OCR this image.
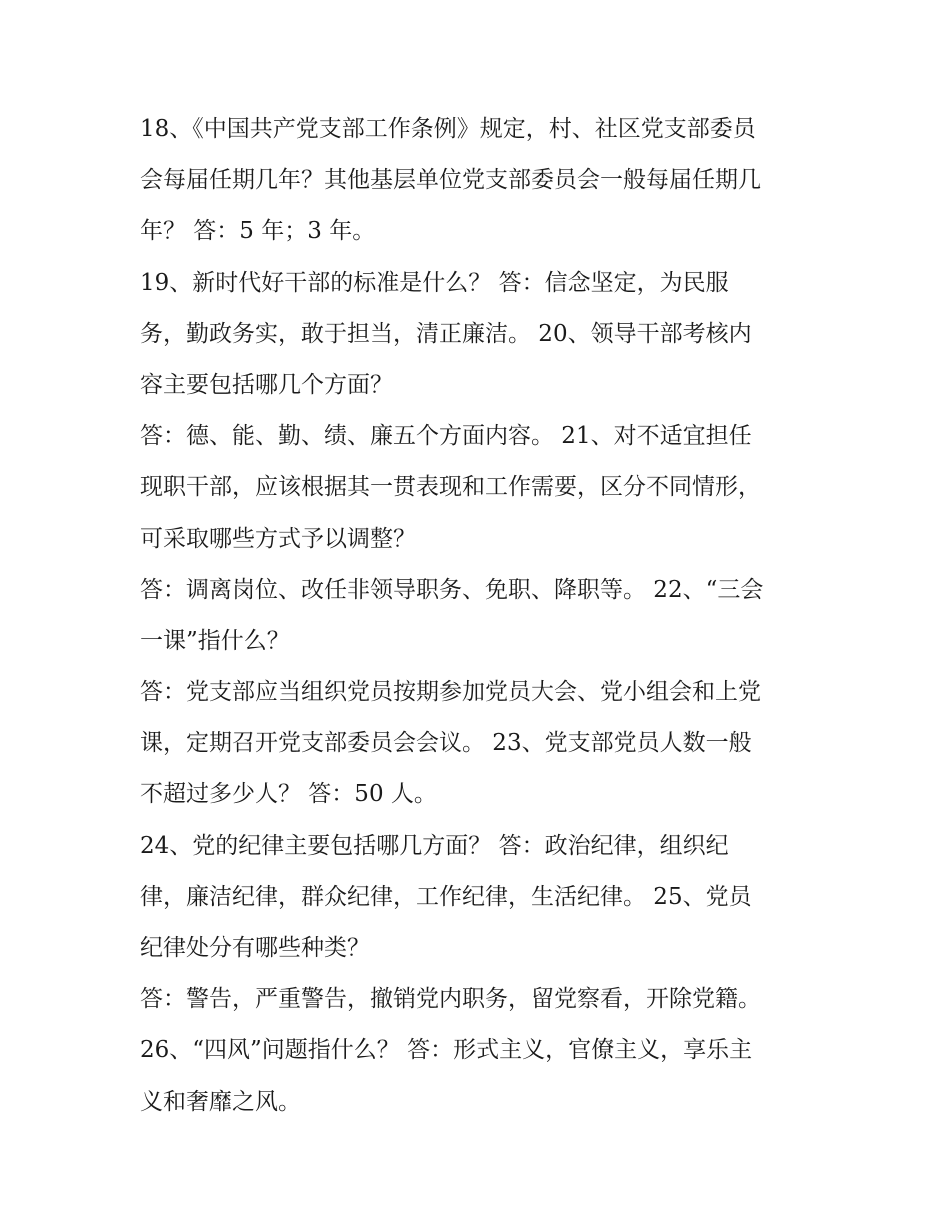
18、《中国共产党支部工作条例》规定，村、社区党支部委员
会每届任期几年？其他基层单位党支部委员会一般每届任期几
年？ 答：5 年；3 年。
19、新时代好干部的标准是什么？ 答：信念坚定，为民服
务，勤政务实，敢于担当，清正廉洁。 20、领导干部考核内
容主要包括哪几个方面？
答：德、能、勤、绩、廉五个方面内容。 21、对不适宜担任
现职干部，应该根据其一贯表现和工作需要，区分不同情形，
可采取哪些方式予以调整？
答：调离岗位、改任非领导职务、免职、降职等。 22、“三会
一课”指什么？
答：党支部应当组织党员按期参加党员大会、党小组会和上党
课，定期召开党支部委员会会议。 23、党支部党员人数一般
不超过多少人？ 答：50 人。
24、党的纪律主要包括哪几方面？ 答：政治纪律，组织纪
律，廉洁纪律，群众纪律，工作纪律，生活纪律。 25、党员
纪律处分有哪些种类？
答：警告，严重警告，撤销党内职务，留党察看，开除党籍。
26、“四风”问题指什么？ 答：形式主义，官僚主义，享乐主
义和奢靡之风。
